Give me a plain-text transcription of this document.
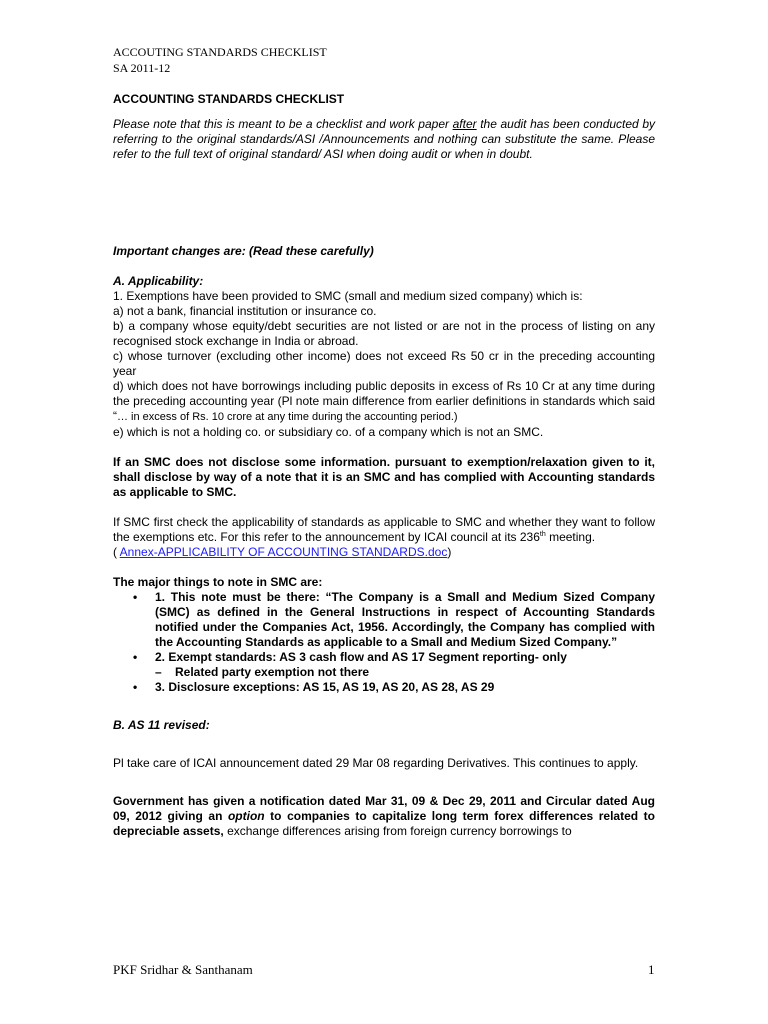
ACCOUTING STANDARDS CHECKLIST
SA 2011-12

ACCOUNTING STANDARDS CHECKLIST

Please note that this is meant to be a checklist and work paper after the audit has been conducted by referring to the original standards/ASI /Announcements and nothing can substitute the same. Please refer to the full text of original standard/ ASI when doing audit or when in doubt.

Important changes are: (Read these carefully)

A. Applicability:

1. Exemptions have been provided to SMC (small and medium sized company) which is:

a) not a bank, financial institution or insurance co.

b) a company whose equity/debt securities are not listed or are not in the process of listing on any recognised stock exchange in India or abroad.

c) whose turnover (excluding other income) does not exceed Rs 50 cr in the preceding accounting year

d) which does not have borrowings including public deposits in excess of Rs 10 Cr at any time during the preceding accounting year (Pl note main difference from earlier definitions in standards which said “… in excess of Rs. 10 crore at any time during the accounting period.)

e) which is not a holding co. or subsidiary co. of a company which is not an SMC.

If an SMC does not disclose some information. pursuant to exemption/relaxation given to it, shall disclose by way of a note that it is an SMC and has complied with Accounting standards as applicable to SMC.

If SMC first check the applicability of standards as applicable to SMC and whether they want to follow the exemptions etc. For this refer to the announcement by ICAI council at its 236th meeting.

( Annex-APPLICABILITY OF ACCOUNTING STANDARDS.doc)

The major things to note in SMC are:

• 1. This note must be there: “The Company is a Small and Medium Sized Company (SMC) as defined in the General Instructions in respect of Accounting Standards notified under the Companies Act, 1956. Accordingly, the Company has complied with the Accounting Standards as applicable to a Small and Medium Sized Company.”
• 2. Exempt standards: AS 3 cash flow and AS 17 Segment reporting- only
– Related party exemption not there
• 3. Disclosure exceptions: AS 15, AS 19, AS 20, AS 28, AS 29

B. AS 11 revised:

Pl take care of ICAI announcement dated 29 Mar 08 regarding Derivatives. This continues to apply.

Government has given a notification dated Mar 31, 09 & Dec 29, 2011 and Circular dated Aug 09, 2012 giving an option to companies to capitalize long term forex differences related to depreciable assets, exchange differences arising from foreign currency borrowings to

PKF Sridhar & Santhanam	1
